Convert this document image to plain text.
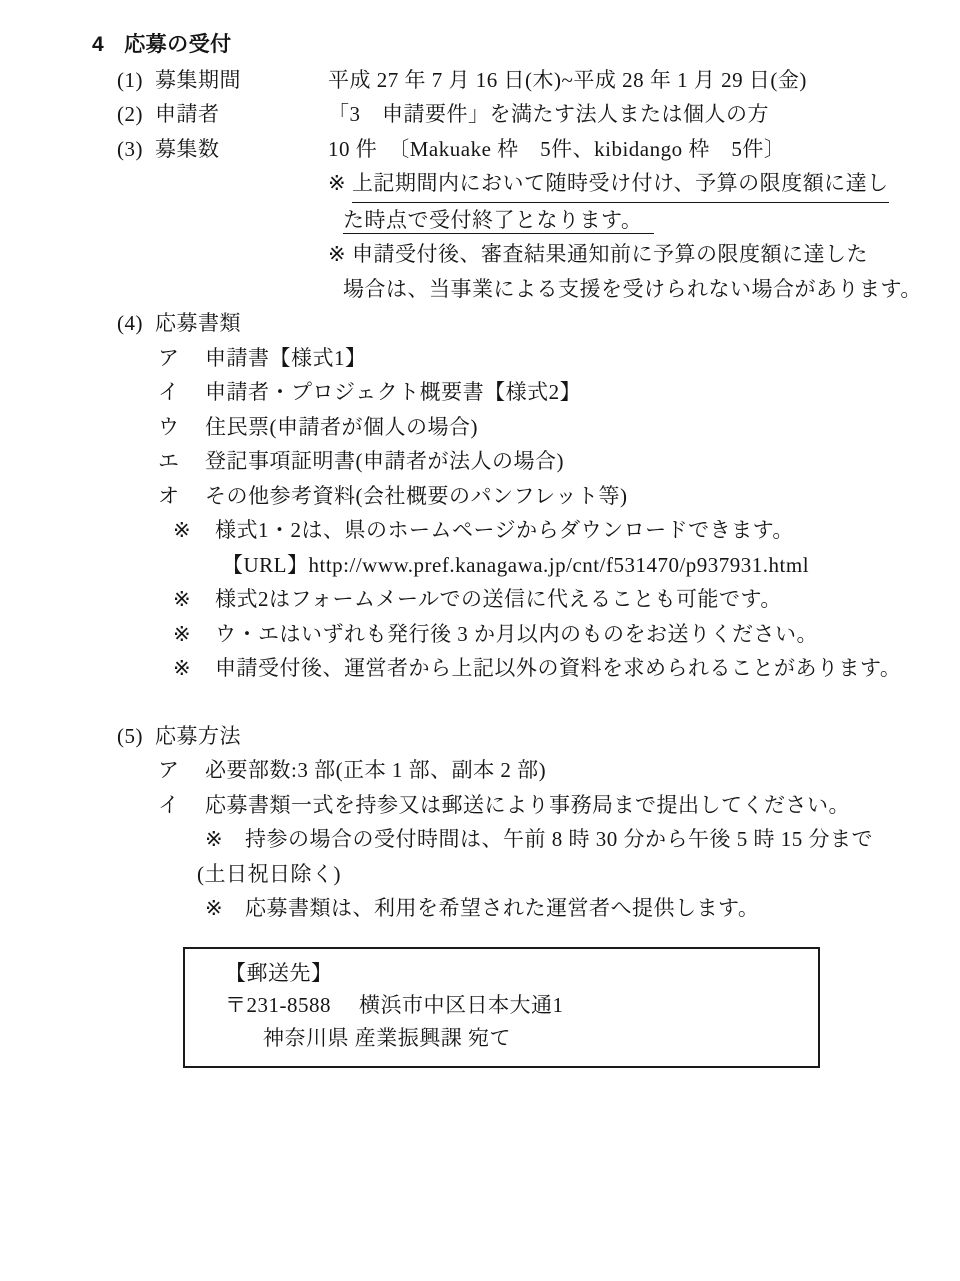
4 応募の受付
(1) 募集期間	平成 27 年 7 月 16 日(木)~平成 28 年 1 月 29 日(金)
(2) 申請者	「3　申請要件」を満たす法人または個人の方
(3) 募集数	10 件　〔Makuake 枠　5件、kibidango 枠　5件〕
※ 上記期間内において随時受け付け、予算の限度額に達し
た時点で受付終了となります。
※ 申請受付後、審査結果通知前に予算の限度額に達した
場合は、当事業による支援を受けられない場合があります。
(4) 応募書類
ア	申請書【様式1】
イ	申請者・プロジェクト概要書【様式2】
ウ	住民票(申請者が個人の場合)
エ	登記事項証明書(申請者が法人の場合)
オ	その他参考資料(会社概要のパンフレット等)
※	様式1・2は、県のホームページからダウンロードできます。
【URL】http://www.pref.kanagawa.jp/cnt/f531470/p937931.html
※	様式2はフォームメールでの送信に代えることも可能です。
※	ウ・エはいずれも発行後 3 か月以内のものをお送りください。
※	申請受付後、運営者から上記以外の資料を求められることがあります。
(5) 応募方法
ア	必要部数:3 部(正本 1 部、副本 2 部)
イ	応募書類一式を持参又は郵送により事務局まで提出してください。
※	持参の場合の受付時間は、午前 8 時 30 分から午後 5 時 15 分まで
(土日祝日除く)
※	応募書類は、利用を希望された運営者へ提供します。
【郵送先】
〒231-8588 横浜市中区日本大通1
神奈川県 産業振興課 宛て
